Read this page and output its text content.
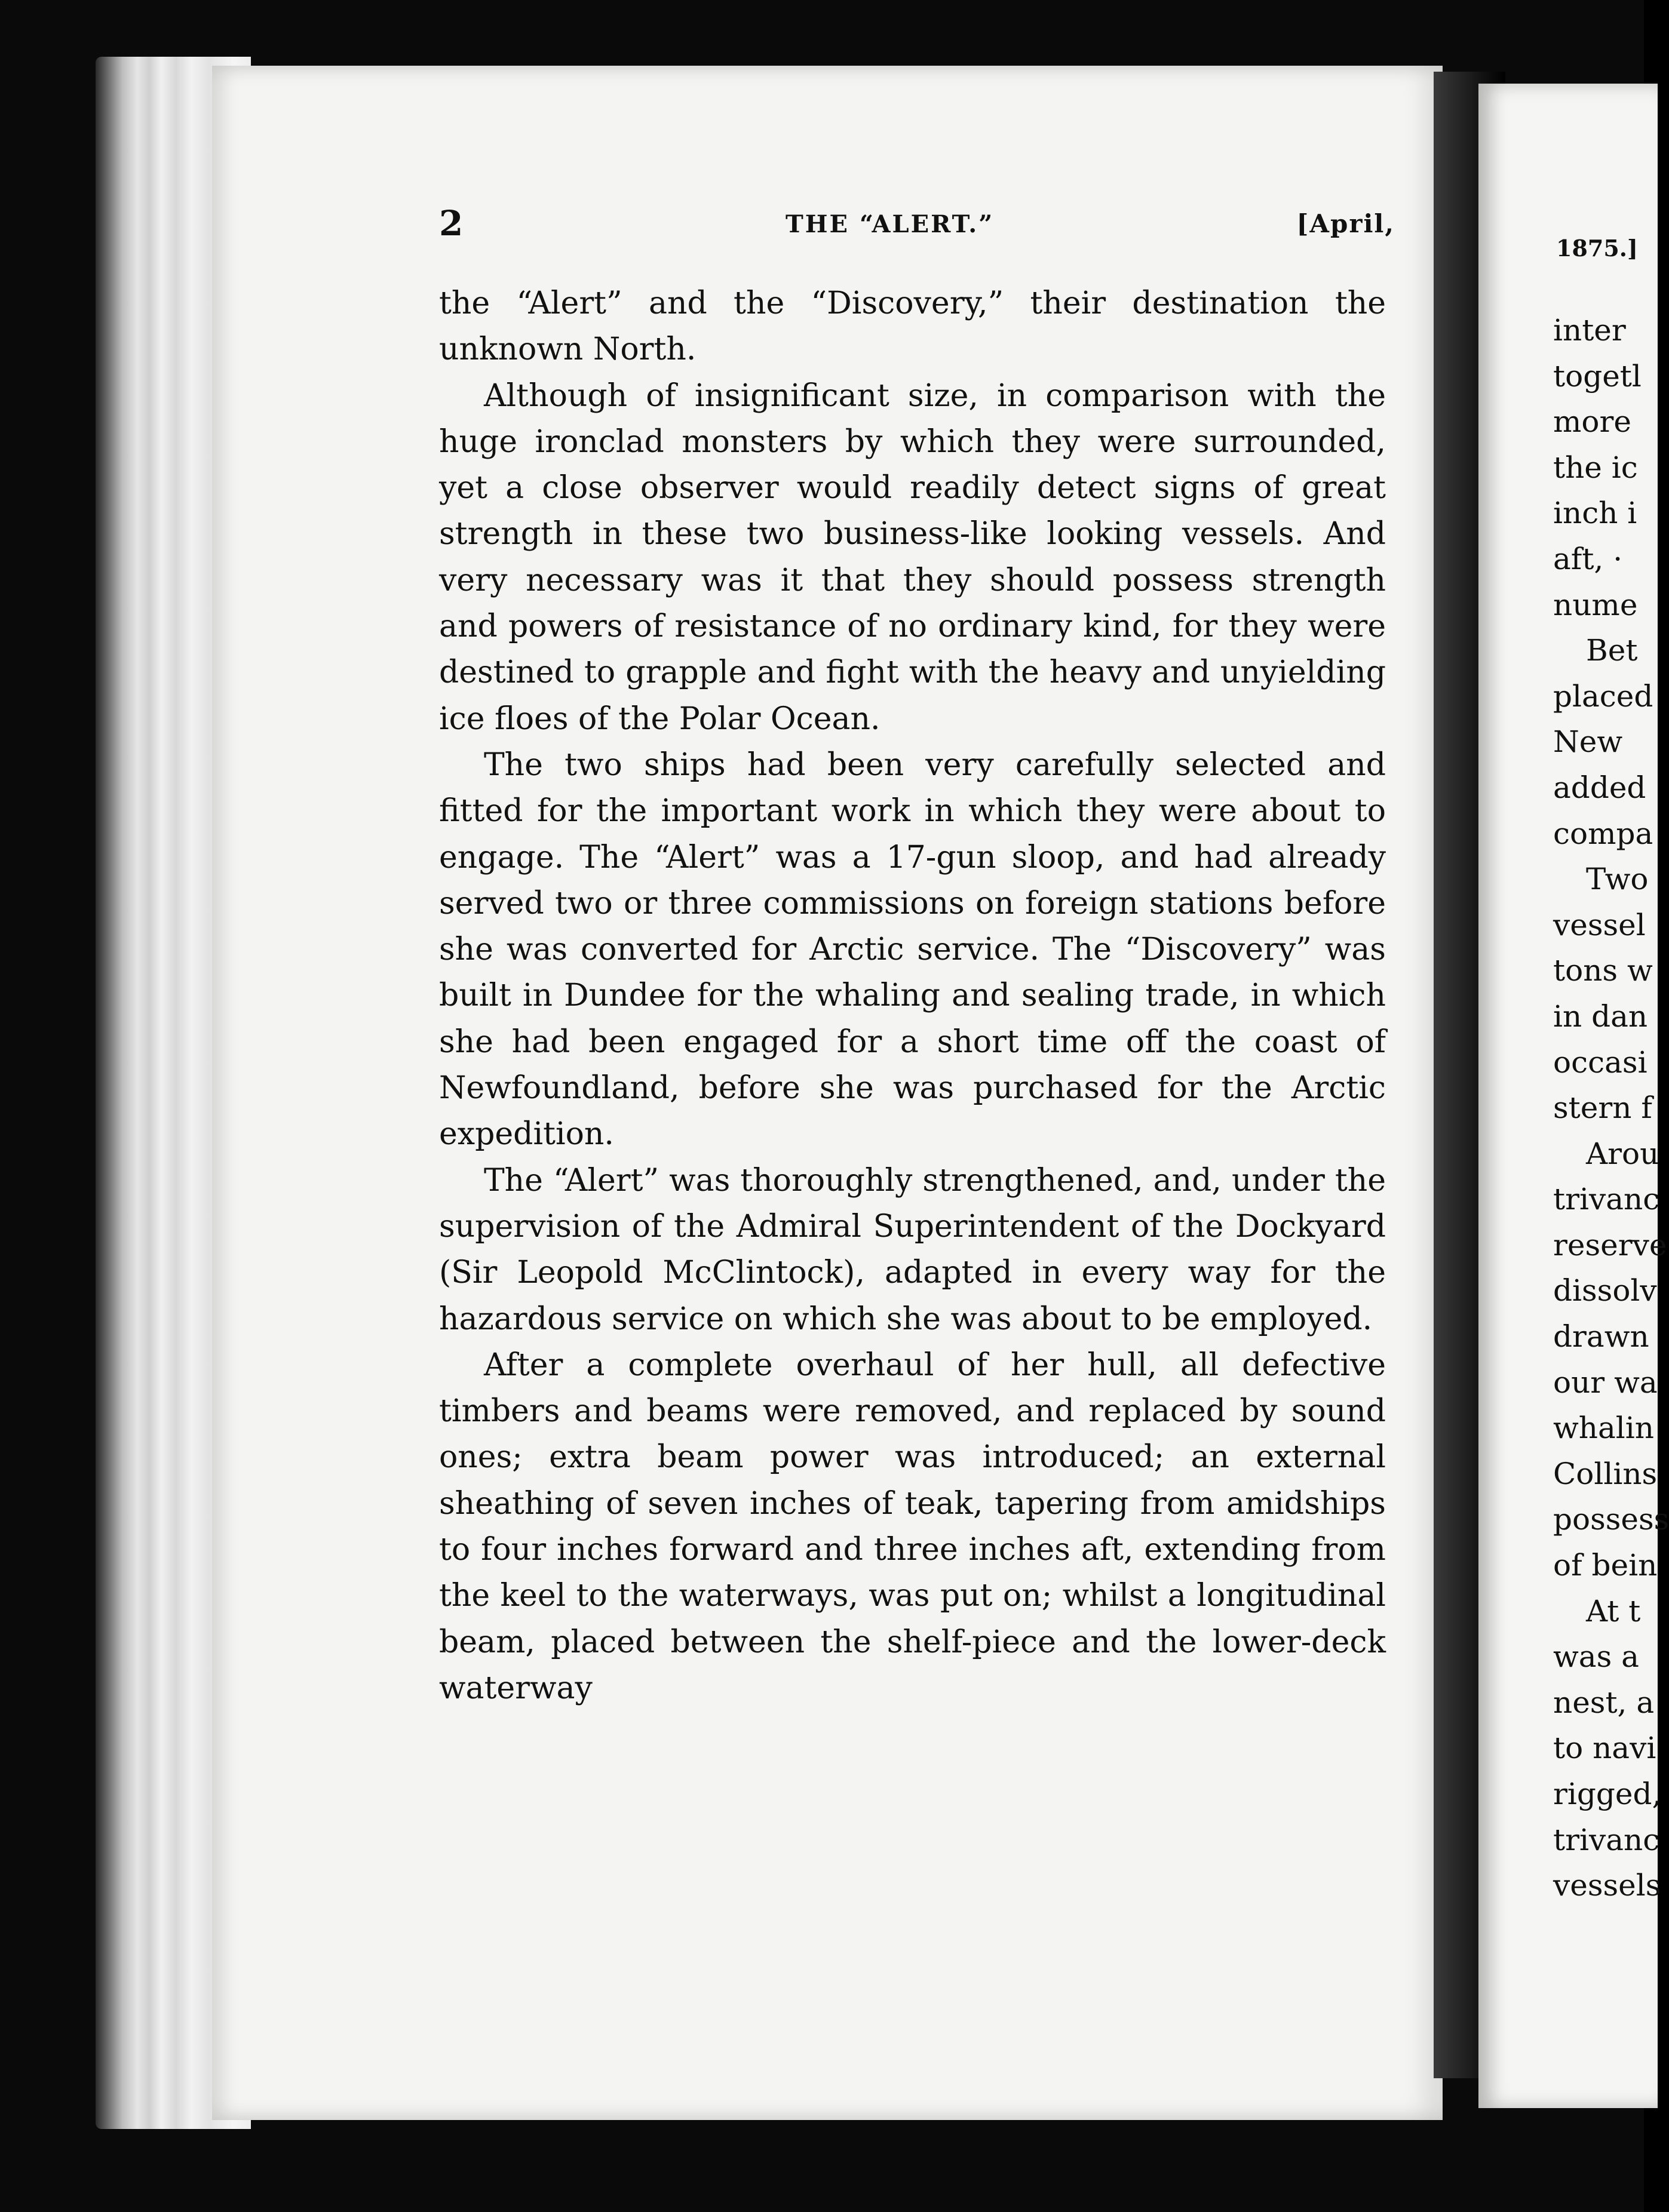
2	THE “ALERT.”	[April,

the “Alert” and the “Discovery,” their destination the unknown North.

Although of insignificant size, in comparison with the huge ironclad monsters by which they were surrounded, yet a close observer would readily detect signs of great strength in these two business-like looking vessels. And very necessary was it that they should possess strength and powers of resistance of no ordinary kind, for they were destined to grapple and fight with the heavy and unyielding ice floes of the Polar Ocean.

The two ships had been very carefully selected and fitted for the important work in which they were about to engage. The “Alert” was a 17-gun sloop, and had already served two or three commissions on foreign stations before she was converted for Arctic service. The “Discovery” was built in Dundee for the whaling and sealing trade, in which she had been engaged for a short time off the coast of Newfoundland, before she was purchased for the Arctic expedition.

The “Alert” was thoroughly strengthened, and, under the supervision of the Admiral Superintendent of the Dockyard (Sir Leopold McClintock), adapted in every way for the hazardous service on which she was about to be employed.

After a complete overhaul of her hull, all defective timbers and beams were removed, and replaced by sound ones; extra beam power was introduced; an external sheathing of seven inches of teak, tapering from amidships to four inches forward and three inches aft, extending from the keel to the waterways, was put on; whilst a longitudinal beam, placed between the shelf-piece and the lower-deck waterway

1875.]
inter
togetl
more
the ic
inch i
aft, ·
nume
Bet
placed
New
added
compa
Two
vessel
tons w
in dan
occasi
stern f
Arou
trivanc
reserve
dissolv
drawn
our wa
whalin
Collins
possess
of bein
At t
was a
nest, a
to navi
rigged,
trivanc
vessels
